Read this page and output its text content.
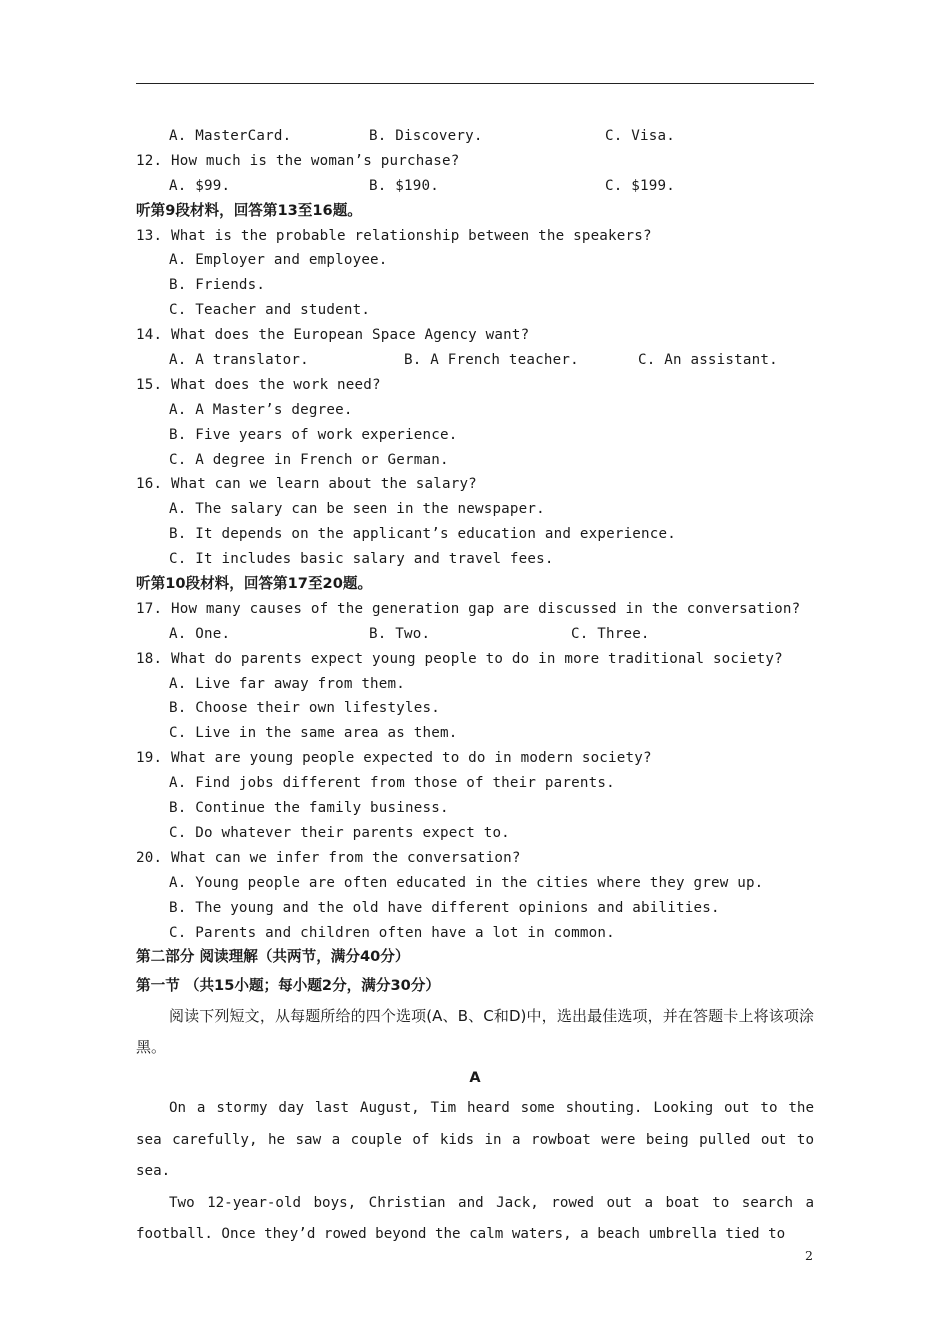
A. MasterCard.	B. Discovery.	C. Visa.
12. How much is the woman’s purchase?
A. $99.	B. $190.	C. $199.
听第9段材料，回答第13至16题。
13. What is the probable relationship between the speakers?
A. Employer and employee.
B. Friends.
C. Teacher and student.
14. What does the European Space Agency want?
A. A translator.	B. A French teacher.	C. An assistant.
15. What does the work need?
A. A Master’s degree.
B. Five years of work experience.
C. A degree in French or German.
16. What can we learn about the salary?
A. The salary can be seen in the newspaper.
B. It depends on the applicant’s education and experience.
C. It includes basic salary and travel fees.
听第10段材料，回答第17至20题。
17. How many causes of the generation gap are discussed in the conversation?
A. One.	B. Two.	C. Three.
18. What do parents expect young people to do in more traditional society?
A. Live far away from them.
B. Choose their own lifestyles.
C. Live in the same area as them.
19. What are young people expected to do in modern society?
A. Find jobs different from those of their parents.
B. Continue the family business.
C. Do whatever their parents expect to.
20. What can we infer from the conversation?
A. Young people are often educated in the cities where they grew up.
B. The young and the old have different opinions and abilities.
C. Parents and children often have a lot in common.
第二部分 阅读理解（共两节，满分40分）
第一节 （共15小题；每小题2分，满分30分）

阅读下列短文，从每题所给的四个选项(A、B、C和D)中，选出最佳选项，并在答题卡上将该项涂黑。

A

On a stormy day last August, Tim heard some shouting. Looking out to the sea carefully, he saw a couple of kids in a rowboat were being pulled out to sea.

Two 12-year-old boys, Christian and Jack, rowed out a boat to search a football. Once they’d rowed beyond the calm waters, a beach umbrella tied to

2
